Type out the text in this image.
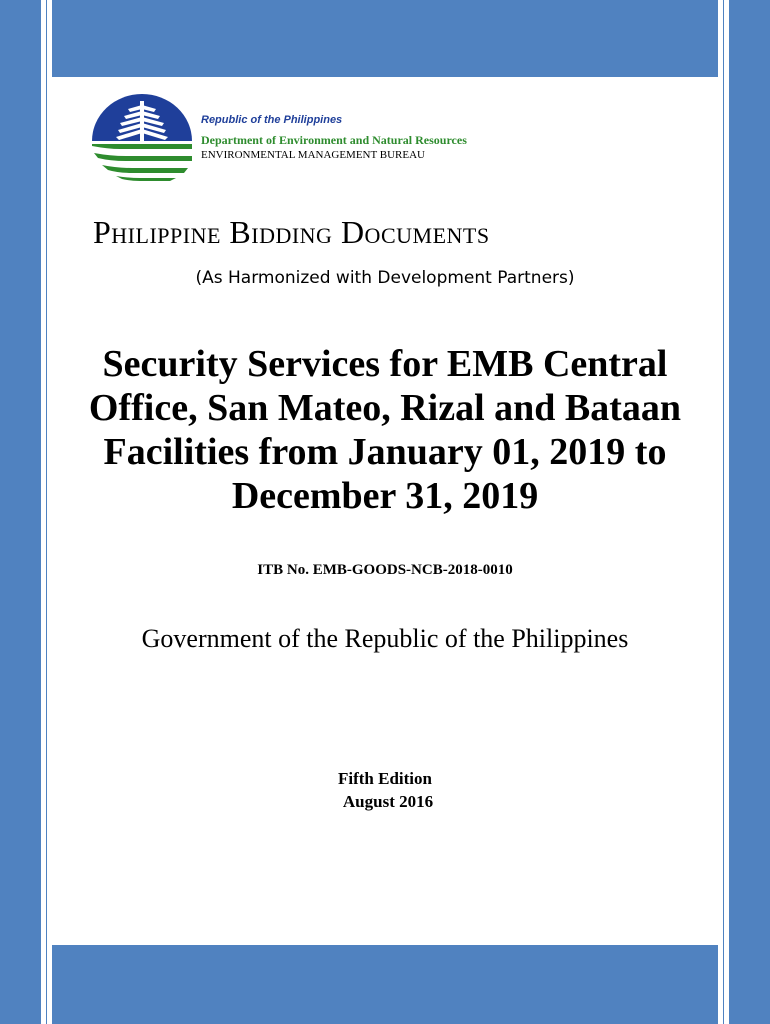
Republic of the Philippines
Department of Environment and Natural Resources
ENVIRONMENTAL MANAGEMENT BUREAU
Philippine Bidding Documents
(As Harmonized with Development Partners)
Security Services for EMB Central Office, San Mateo, Rizal and Bataan Facilities from January 01, 2019 to December 31, 2019
ITB No. EMB-GOODS-NCB-2018-0010
Government of the Republic of the Philippines
Fifth Edition
August 2016
